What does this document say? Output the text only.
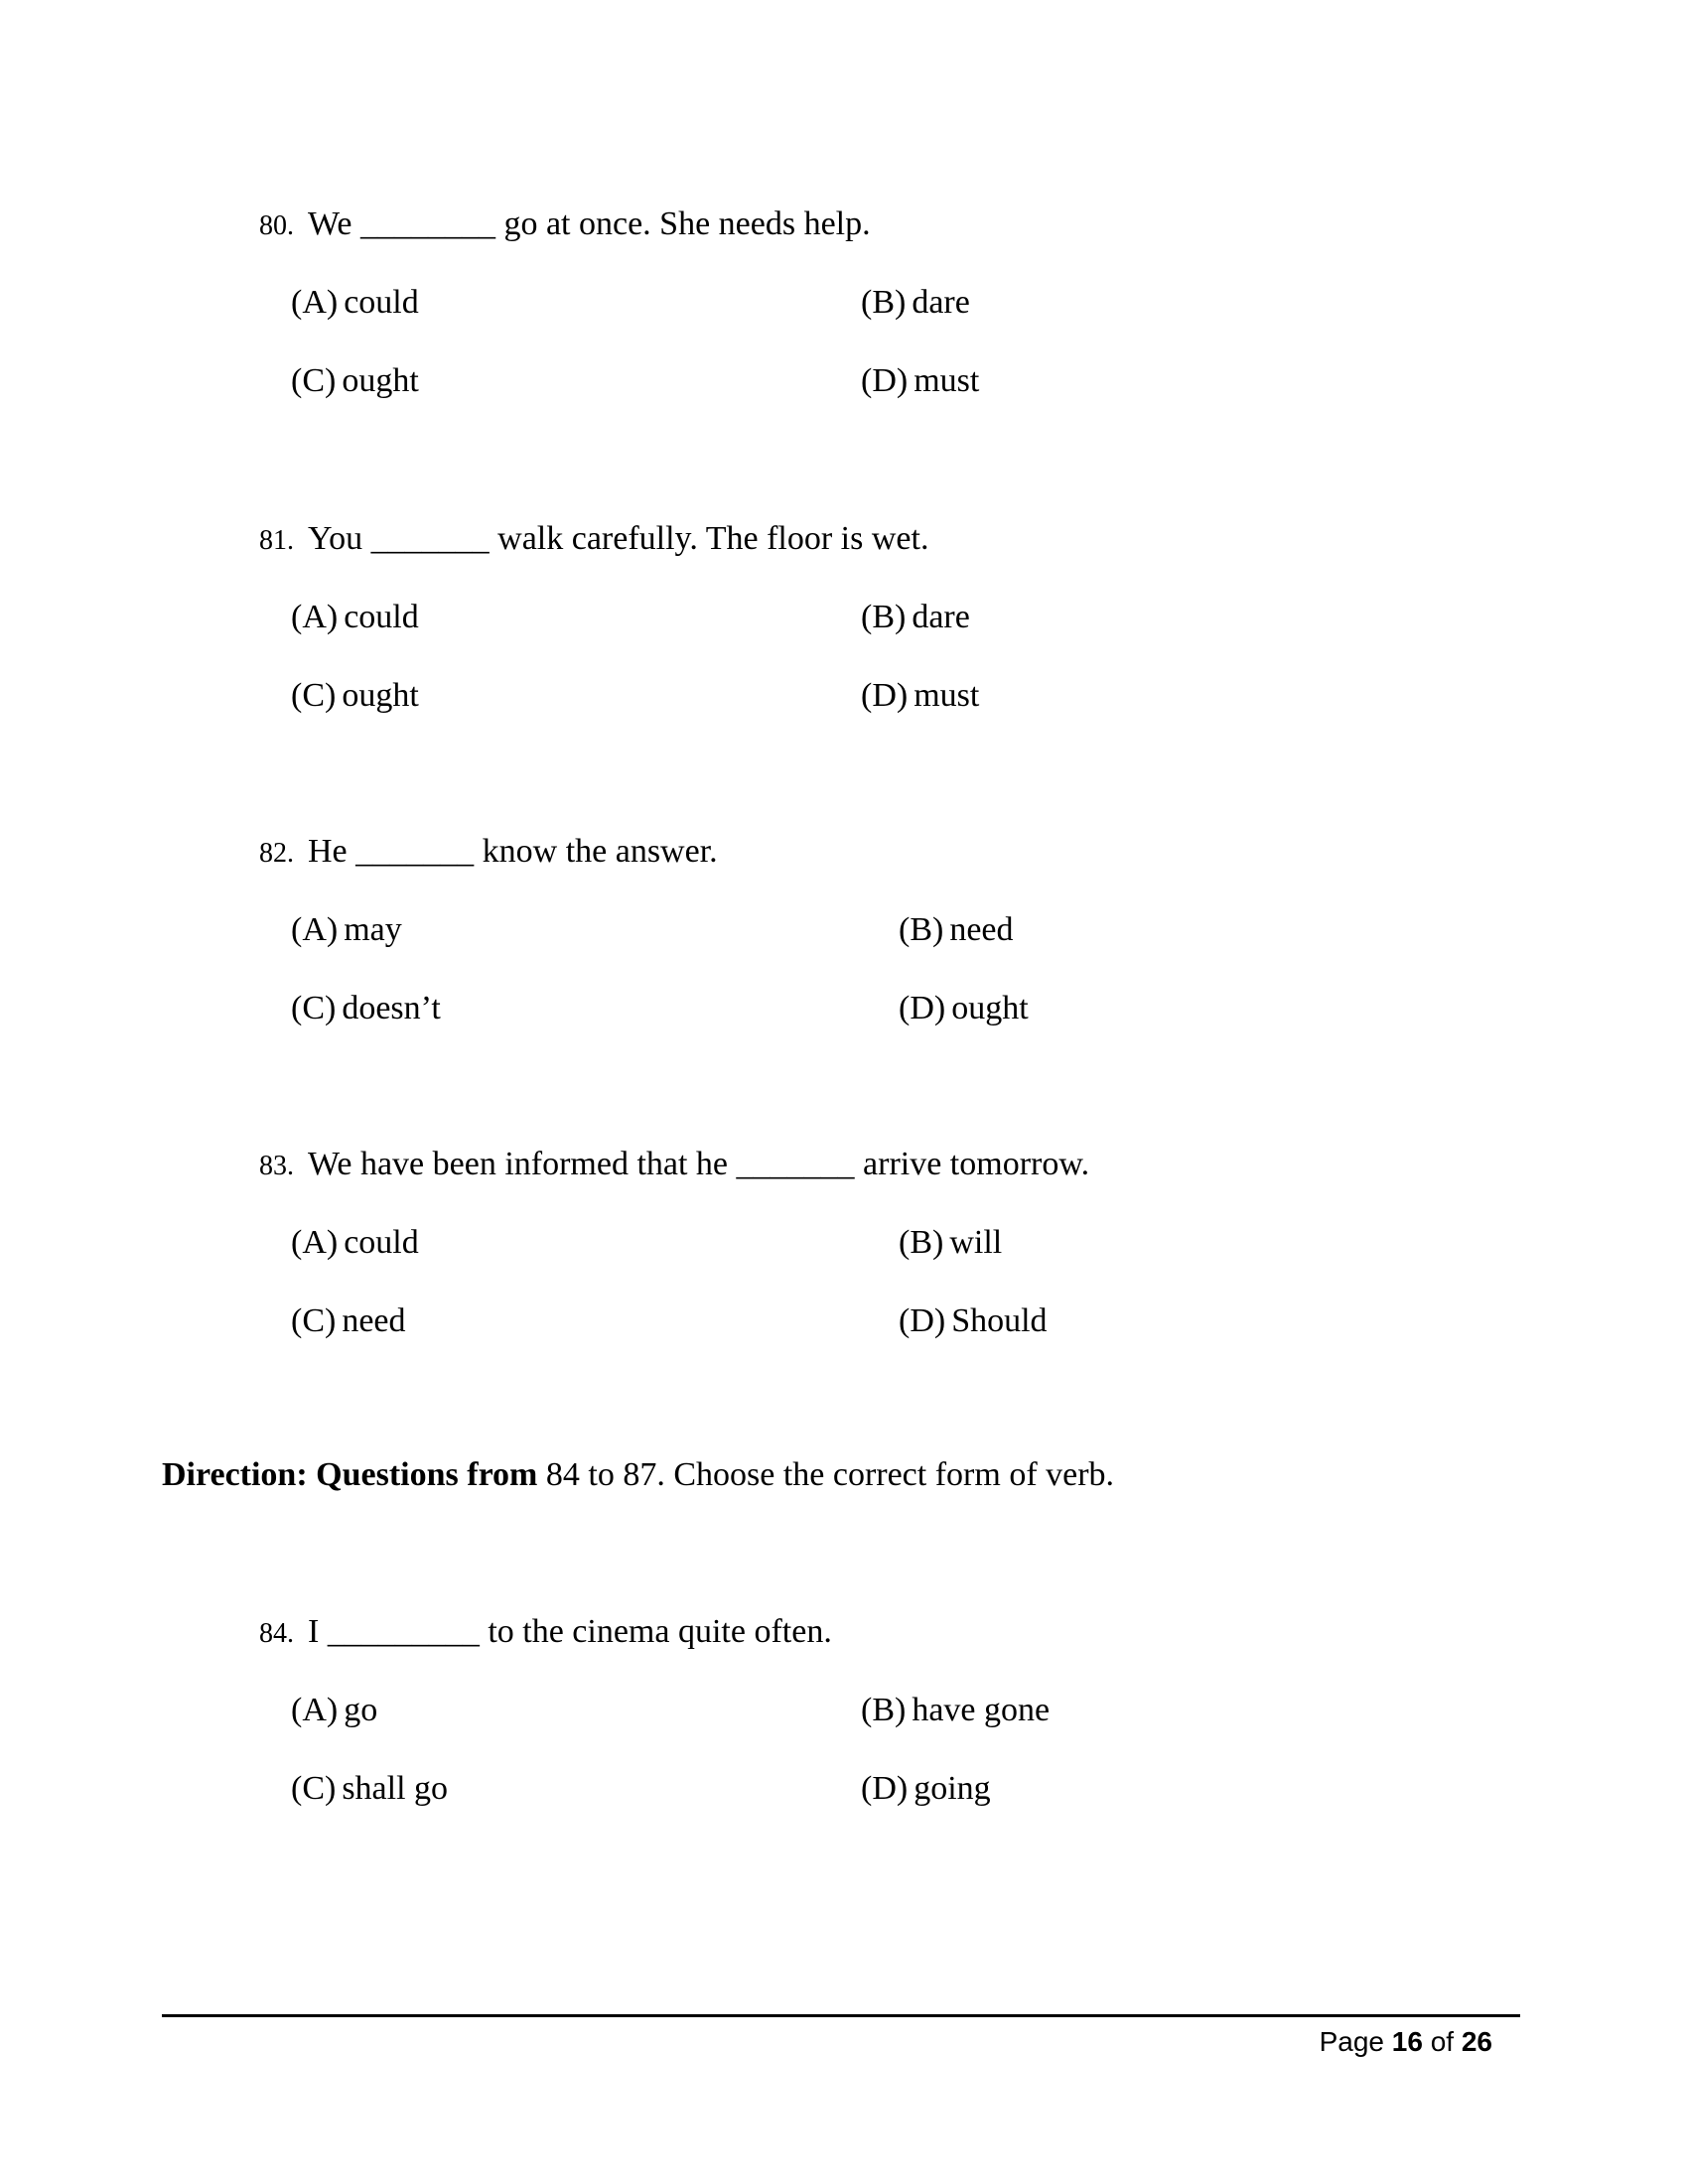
80. We ________ go at once. She needs help.
(A) could	(B) dare
(C) ought	(D) must
81. You _______ walk carefully. The floor is wet.
(A) could	(B) dare
(C) ought	(D) must
82. He _______ know the answer.
(A) may	(B) need
(C) doesn’t	(D) ought
83. We have been informed that he _______ arrive tomorrow.
(A) could	(B) will
(C) need	(D) Should
Direction: Questions from 84 to 87. Choose the correct form of verb.
84. I _________ to the cinema quite often.
(A) go	(B) have gone
(C) shall go	(D) going
Page 16 of 26
